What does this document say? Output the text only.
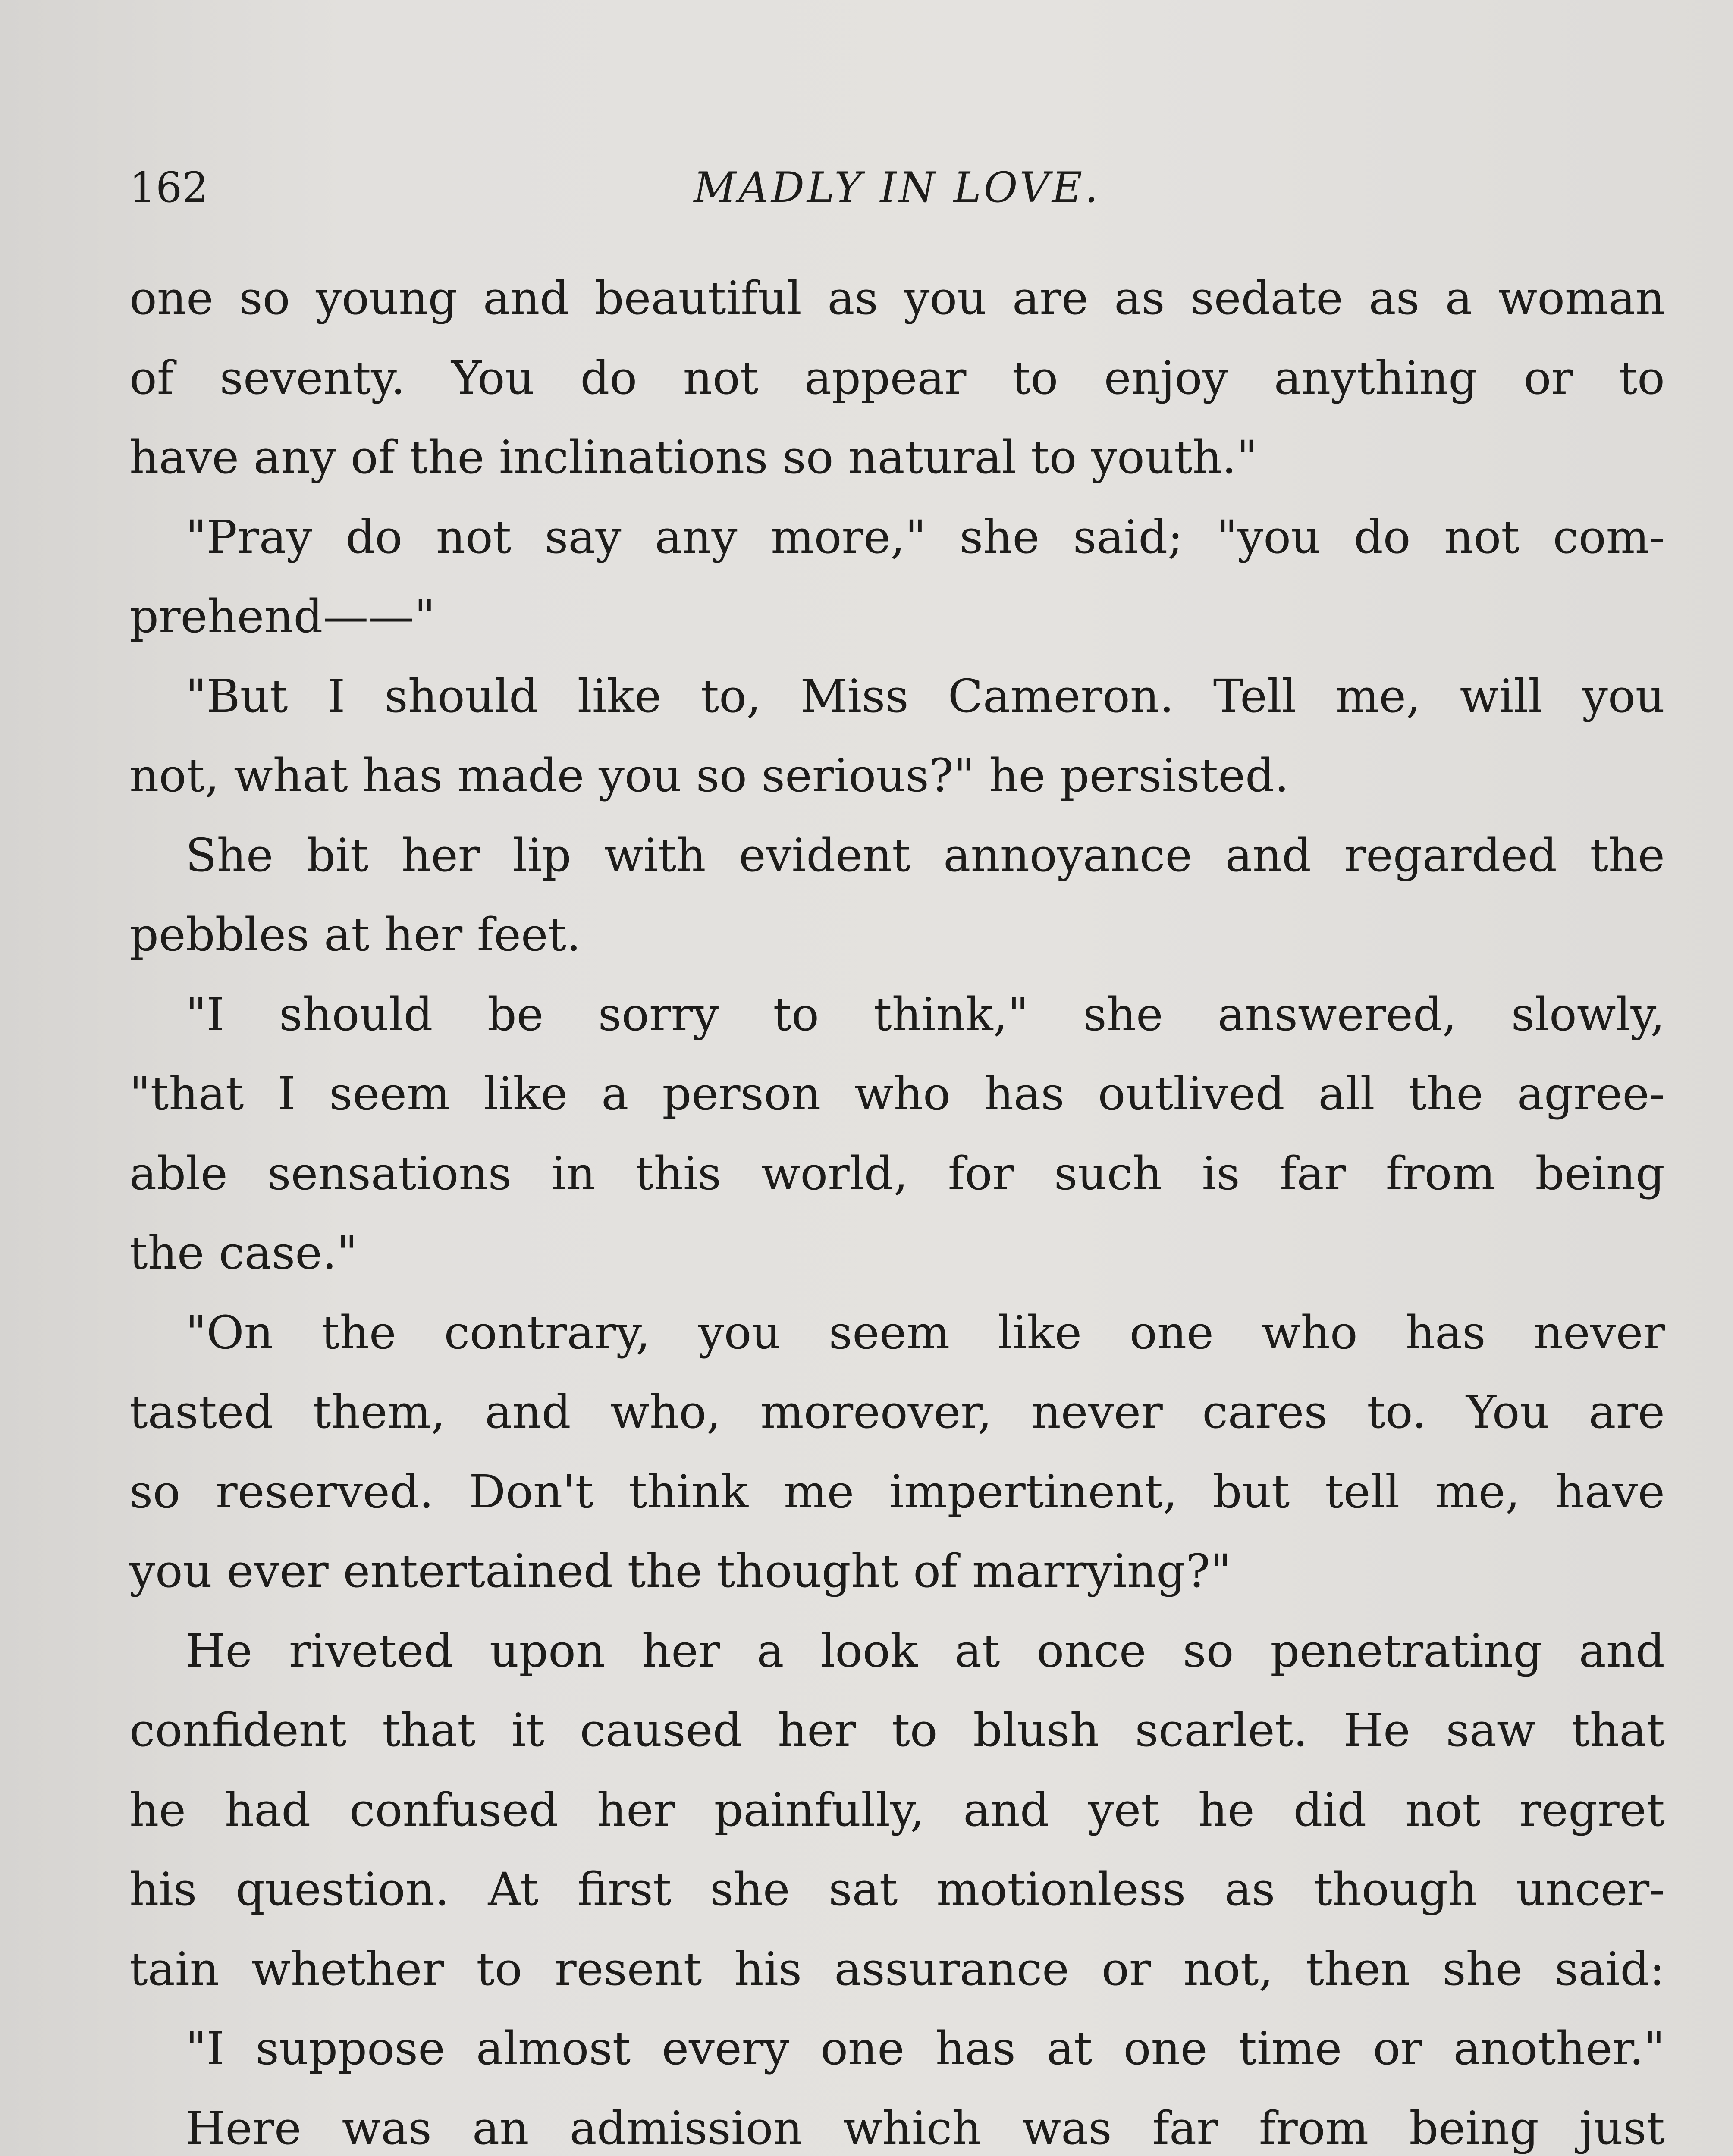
162	MADLY IN LOVE.
one so young and beautiful as you are as sedate as a woman
of seventy. You do not appear to enjoy anything or to
have any of the inclinations so natural to youth."
"Pray do not say any more," she said; "you do not com-
prehend——"
"But I should like to, Miss Cameron. Tell me, will you
not, what has made you so serious?" he persisted.
She bit her lip with evident annoyance and regarded the
pebbles at her feet.
"I should be sorry to think," she answered, slowly,
"that I seem like a person who has outlived all the agree-
able sensations in this world, for such is far from being
the case."
"On the contrary, you seem like one who has never
tasted them, and who, moreover, never cares to. You are
so reserved. Don't think me impertinent, but tell me, have
you ever entertained the thought of marrying?"
He riveted upon her a look at once so penetrating and
confident that it caused her to blush scarlet. He saw that
he had confused her painfully, and yet he did not regret
his question. At first she sat motionless as though uncer-
tain whether to resent his assurance or not, then she said:
"I suppose almost every one has at one time or another."
Here was an admission which was far from being just
